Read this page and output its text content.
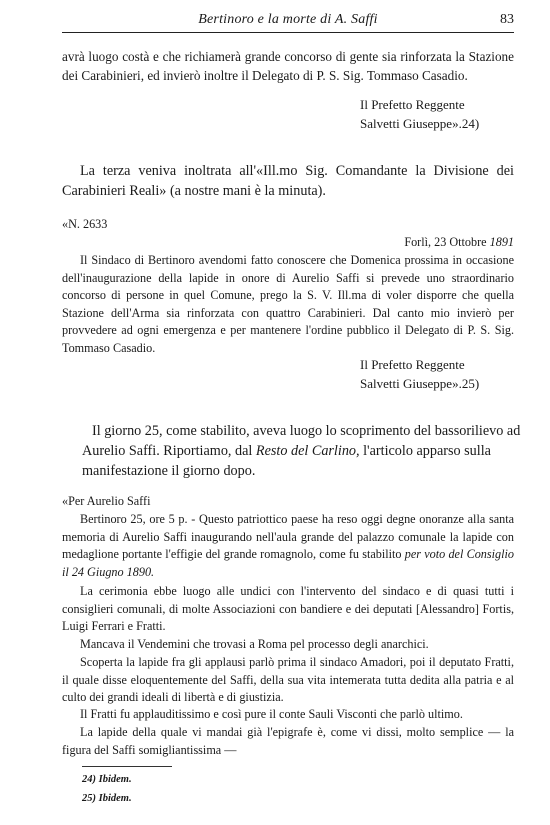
Bertinoro e la morte di A. Saffi	83

avrà luogo costà e che richiamerà grande concorso di gente sia rinforzata la Stazione dei Carabinieri, ed invierò inoltre il Delegato di P. S. Sig. Tommaso Casadio.

Il Prefetto Reggente
Salvetti Giuseppe».24)

La terza veniva inoltrata all'«Ill.mo Sig. Comandante la Divisione dei Carabinieri Reali» (a nostre mani è la minuta).

«N. 2633
Forlì, 23 Ottobre 1891

Il Sindaco di Bertinoro avendomi fatto conoscere che Domenica prossima in occasione dell'inaugurazione della lapide in onore di Aurelio Saffi si prevede uno straordinario concorso di persone in quel Comune, prego la S. V. Ill.ma di voler disporre che quella Stazione dell'Arma sia rinforzata con quattro Carabinieri. Dal canto mio invierò per provvedere ad ogni emergenza e per mantenere l'ordine pubblico il Delegato di P. S. Sig. Tommaso Casadio.

Il Prefetto Reggente
Salvetti Giuseppe».25)

Il giorno 25, come stabilito, aveva luogo lo scoprimento del bassorilievo ad Aurelio Saffi. Riportiamo, dal Resto del Carlino, l'articolo apparso sulla manifestazione il giorno dopo.

«Per Aurelio Saffi

Bertinoro 25, ore 5 p. - Questo patriottico paese ha reso oggi degne onoranze alla santa memoria di Aurelio Saffi inaugurando nell'aula grande del palazzo comunale la lapide con medaglione portante l'effigie del grande romagnolo, come fu stabilito per voto del Consiglio il 24 Giugno 1890.

La cerimonia ebbe luogo alle undici con l'intervento del sindaco e di quasi tutti i consiglieri comunali, di molte Associazioni con bandiere e dei deputati [Alessandro] Fortis, Luigi Ferrari e Fratti.

Mancava il Vendemini che trovasi a Roma pel processo degli anarchici.

Scoperta la lapide fra gli applausi parlò prima il sindaco Amadori, poi il deputato Fratti, il quale disse eloquentemente del Saffi, della sua vita intemerata tutta dedita alla patria e al culto dei grandi ideali di libertà e di giustizia.

Il Fratti fu applauditissimo e così pure il conte Sauli Visconti che parlò ultimo.

La lapide della quale vi mandai già l'epigrafe è, come vi dissi, molto semplice — la figura del Saffi somigliantissima —

24) Ibidem.
25) Ibidem.
